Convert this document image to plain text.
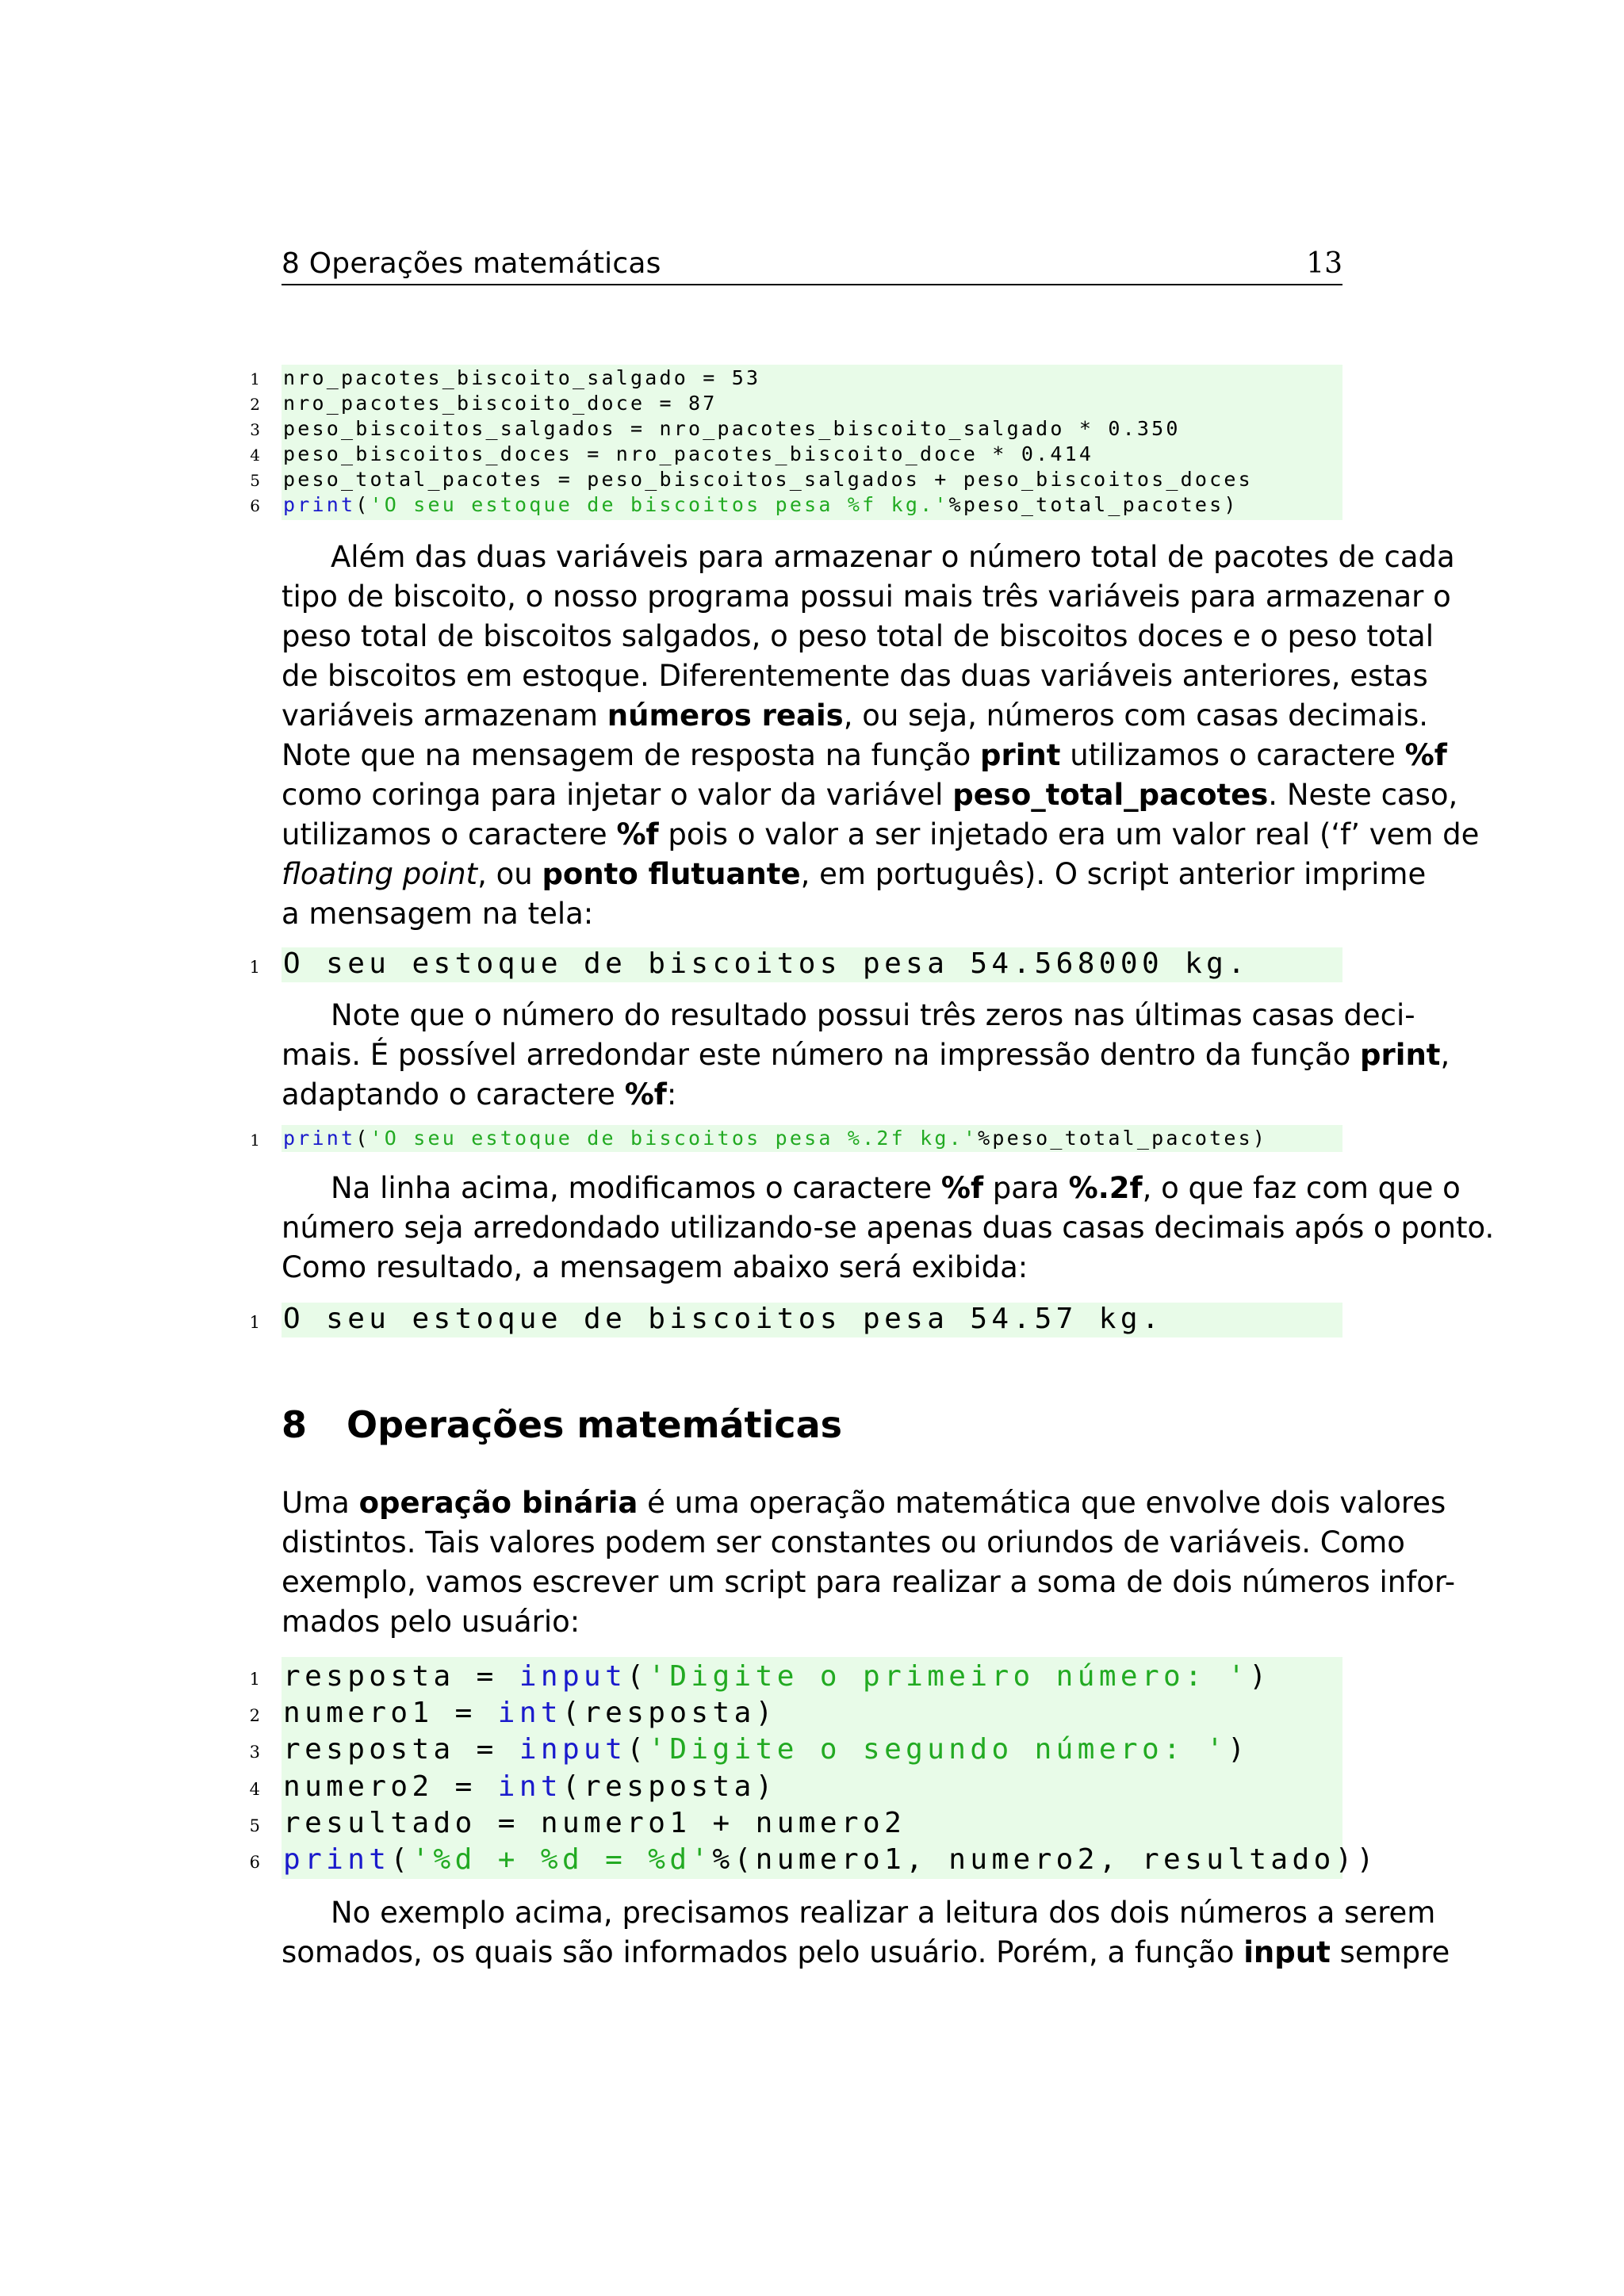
8 Operações matemáticas	13
1
2
3
4
5
6
nro_pacotes_biscoito_salgado = 53
nro_pacotes_biscoito_doce = 87
peso_biscoitos_salgados = nro_pacotes_biscoito_salgado * 0.350
peso_biscoitos_doces = nro_pacotes_biscoito_doce * 0.414
peso_total_pacotes = peso_biscoitos_salgados + peso_biscoitos_doces
print('O seu estoque de biscoitos pesa %f kg.'%peso_total_pacotes)
Além das duas variáveis para armazenar o número total de pacotes de cada
tipo de biscoito, o nosso programa possui mais três variáveis para armazenar o
peso total de biscoitos salgados, o peso total de biscoitos doces e o peso total
de biscoitos em estoque. Diferentemente das duas variáveis anteriores, estas
variáveis armazenam números reais, ou seja, números com casas decimais.
Note que na mensagem de resposta na função print utilizamos o caractere %f
como coringa para injetar o valor da variável peso_total_pacotes. Neste caso,
utilizamos o caractere %f pois o valor a ser injetado era um valor real (‘f’ vem de
floating point, ou ponto flutuante, em português). O script anterior imprime
a mensagem na tela:
1 O seu estoque de biscoitos pesa 54.568000 kg.
Note que o número do resultado possui três zeros nas últimas casas deci-
mais. É possível arredondar este número na impressão dentro da função print,
adaptando o caractere %f:
1 print('O seu estoque de biscoitos pesa %.2f kg.'%peso_total_pacotes)
Na linha acima, modificamos o caractere %f para %.2f, o que faz com que o
número seja arredondado utilizando-se apenas duas casas decimais após o ponto.
Como resultado, a mensagem abaixo será exibida:
1 O seu estoque de biscoitos pesa 54.57 kg.
8 Operações matemáticas
Uma operação binária é uma operação matemática que envolve dois valores
distintos. Tais valores podem ser constantes ou oriundos de variáveis. Como
exemplo, vamos escrever um script para realizar a soma de dois números infor-
mados pelo usuário:
1
2
3
4
5
6
resposta = input('Digite o primeiro número: ')
numero1 = int(resposta)
resposta = input('Digite o segundo número: ')
numero2 = int(resposta)
resultado = numero1 + numero2
print('%d + %d = %d'%(numero1, numero2, resultado))
No exemplo acima, precisamos realizar a leitura dos dois números a serem
somados, os quais são informados pelo usuário. Porém, a função input sempre
